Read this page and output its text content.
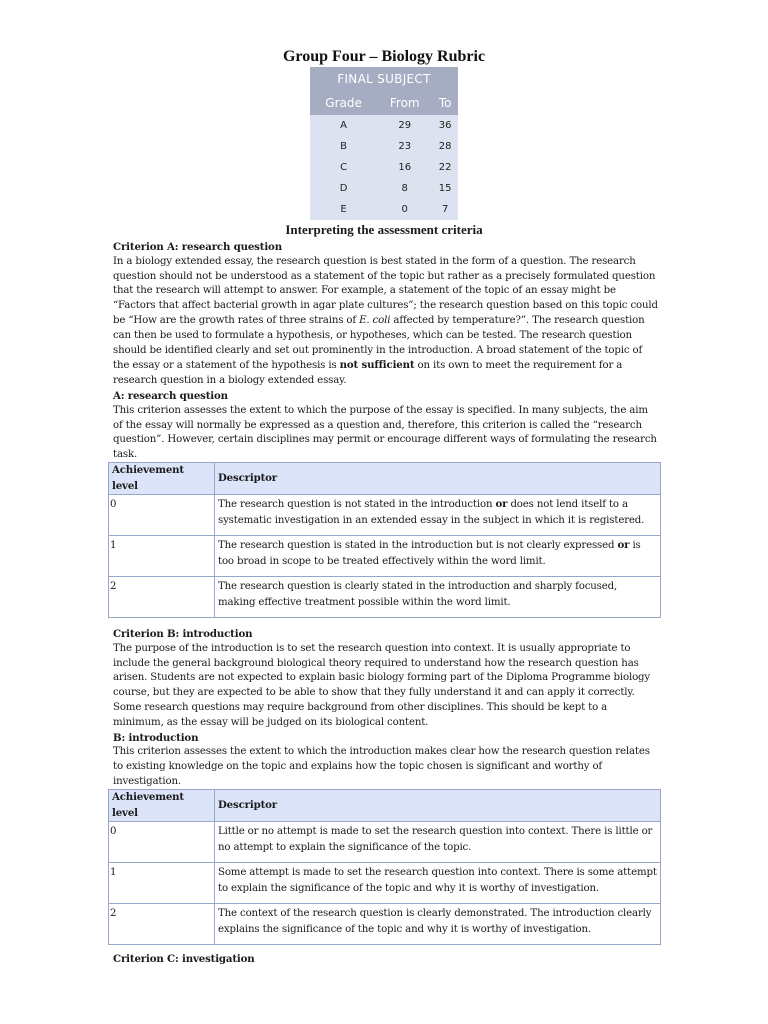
Group Four – Biology Rubric
FINAL SUBJECT		
Grade	From	To
A	29	36
B	23	28
C	16	22
D	8	15
E	0	7
Interpreting the assessment criteria
Criterion A: research question
In a biology extended essay, the research question is best stated in the form of a question. The research question should not be understood as a statement of the topic but rather as a precisely formulated question that the research will attempt to answer. For example, a statement of the topic of an essay might be “Factors that affect bacterial growth in agar plate cultures”; the research question based on this topic could be “How are the growth rates of three strains of E. coli affected by temperature?”. The research question can then be used to formulate a hypothesis, or hypotheses, which can be tested. The research question should be identified clearly and set out prominently in the introduction. A broad statement of the topic of the essay or a statement of the hypothesis is not sufficient on its own to meet the requirement for a research question in a biology extended essay.
A: research question
This criterion assesses the extent to which the purpose of the essay is specified. In many subjects, the aim of the essay will normally be expressed as a question and, therefore, this criterion is called the “research question”. However, certain disciplines may permit or encourage different ways of formulating the research task.
Achievement level	Descriptor
0	The research question is not stated in the introduction or does not lend itself to a systematic investigation in an extended essay in the subject in which it is registered.
1	The research question is stated in the introduction but is not clearly expressed or is too broad in scope to be treated effectively within the word limit.
2	The research question is clearly stated in the introduction and sharply focused, making effective treatment possible within the word limit.
Criterion B: introduction
The purpose of the introduction is to set the research question into context. It is usually appropriate to include the general background biological theory required to understand how the research question has arisen. Students are not expected to explain basic biology forming part of the Diploma Programme biology course, but they are expected to be able to show that they fully understand it and can apply it correctly. Some research questions may require background from other disciplines. This should be kept to a minimum, as the essay will be judged on its biological content.
B: introduction
This criterion assesses the extent to which the introduction makes clear how the research question relates to existing knowledge on the topic and explains how the topic chosen is significant and worthy of investigation.
Achievement level	Descriptor
0	Little or no attempt is made to set the research question into context. There is little or no attempt to explain the significance of the topic.
1	Some attempt is made to set the research question into context. There is some attempt to explain the significance of the topic and why it is worthy of investigation.
2	The context of the research question is clearly demonstrated. The introduction clearly explains the significance of the topic and why it is worthy of investigation.
Criterion C: investigation
